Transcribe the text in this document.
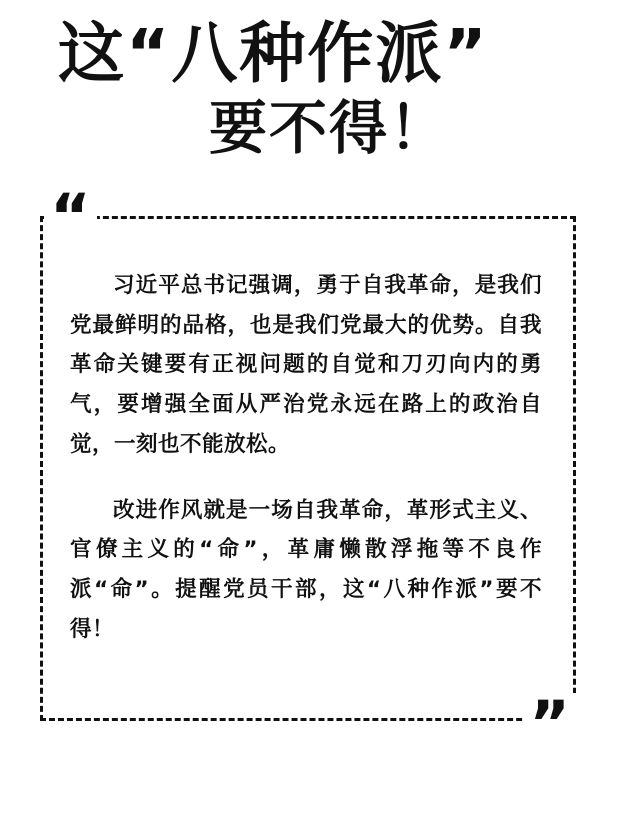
这“八种作派”
要不得！
“

习近平总书记强调，勇于自我革命，是我们党最鲜明的品格，也是我们党最大的优势。自我革命关键要有正视问题的自觉和刀刃向内的勇气，要增强全面从严治党永远在路上的政治自觉，一刻也不能放松。

改进作风就是一场自我革命，革形式主义、官僚主义的“命”，革庸懒散浮拖等不良作派“命”。提醒党员干部，这“八种作派”要不得！

”
